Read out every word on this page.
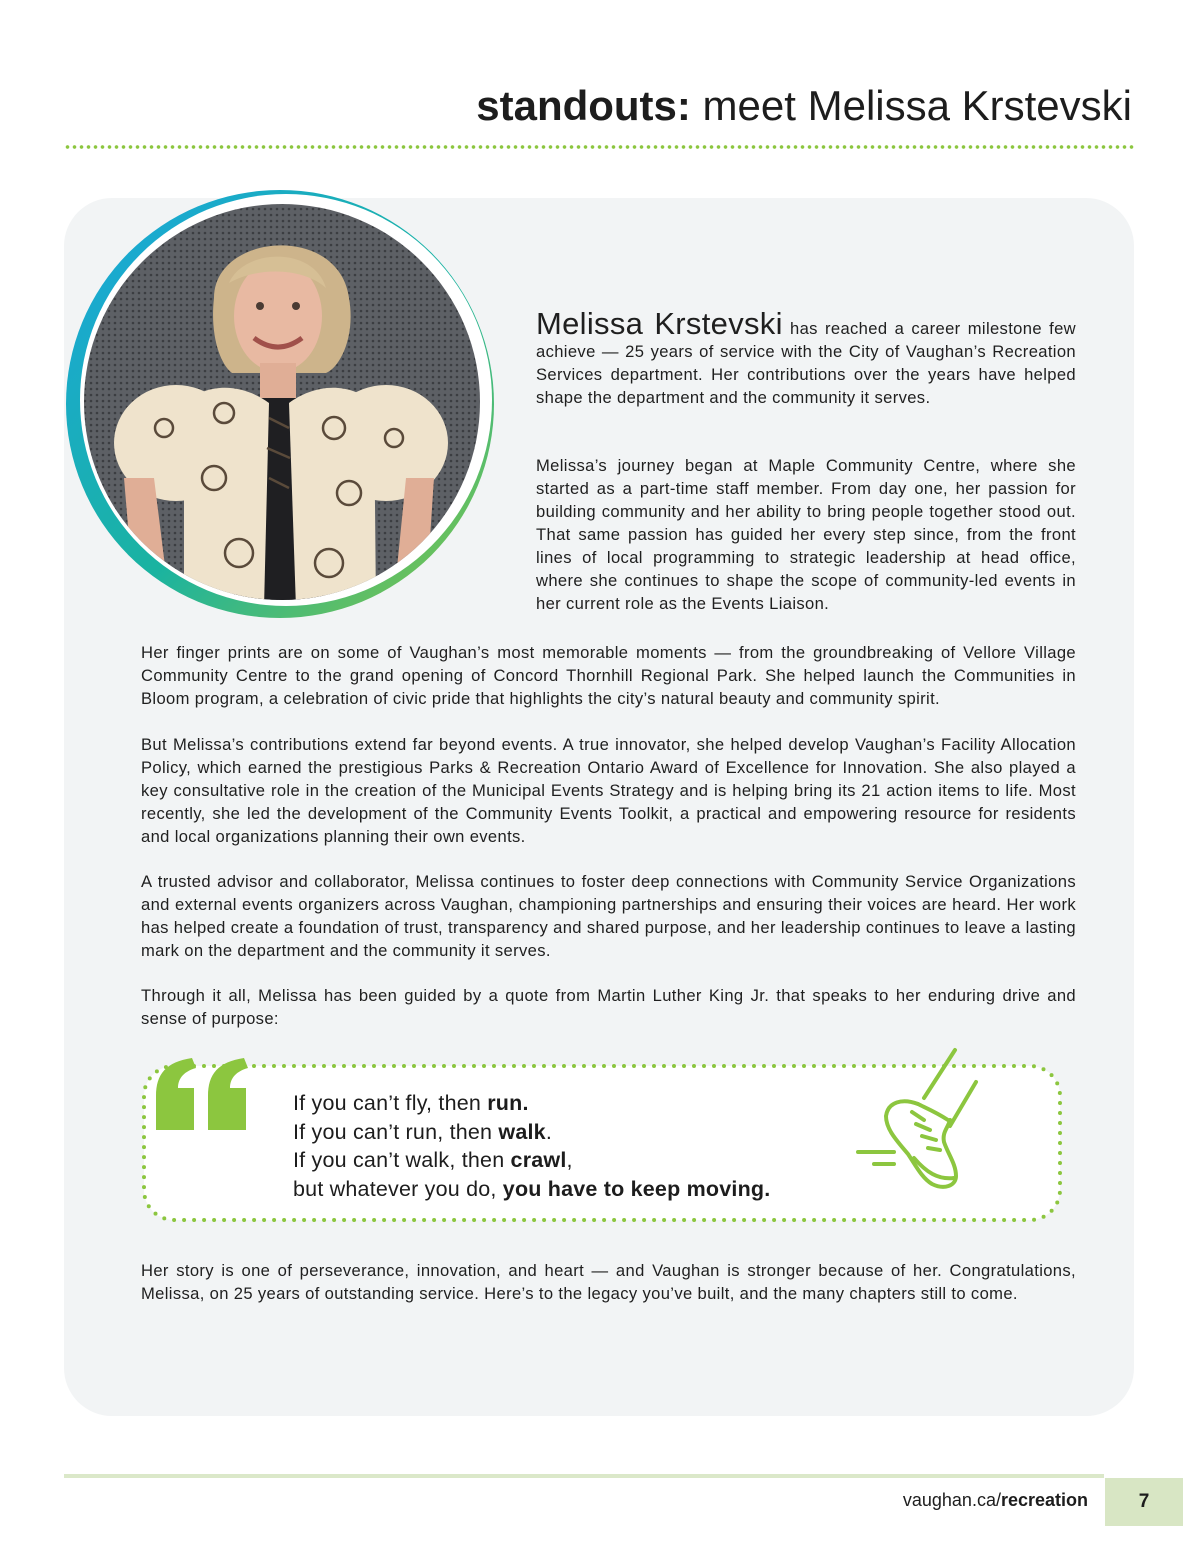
standouts: meet Melissa Krstevski

Melissa Krstevski has reached a career milestone few achieve — 25 years of service with the City of Vaughan’s Recreation Services department. Her contributions over the years have helped shape the department and the community it serves.

Melissa’s journey began at Maple Community Centre, where she started as a part-time staff member. From day one, her passion for building community and her ability to bring people together stood out. That same passion has guided her every step since, from the front lines of local programming to strategic leadership at head office, where she continues to shape the scope of community-led events in her current role as the Events Liaison.

Her finger prints are on some of Vaughan’s most memorable moments — from the groundbreaking of Vellore Village Community Centre to the grand opening of Concord Thornhill Regional Park. She helped launch the Communities in Bloom program, a celebration of civic pride that highlights the city’s natural beauty and community spirit.

But Melissa’s contributions extend far beyond events. A true innovator, she helped develop Vaughan’s Facility Allocation Policy, which earned the prestigious Parks & Recreation Ontario Award of Excellence for Innovation. She also played a key consultative role in the creation of the Municipal Events Strategy and is helping bring its 21 action items to life. Most recently, she led the development of the Community Events Toolkit, a practical and empowering resource for residents and local organizations planning their own events.

A trusted advisor and collaborator, Melissa continues to foster deep connections with Community Service Organizations and external events organizers across Vaughan, championing partnerships and ensuring their voices are heard. Her work has helped create a foundation of trust, transparency and shared purpose, and her leadership continues to leave a lasting mark on the department and the community it serves.

Through it all, Melissa has been guided by a quote from Martin Luther King Jr. that speaks to her enduring drive and sense of purpose:

If you can’t fly, then run.
If you can’t run, then walk.
If you can’t walk, then crawl,
but whatever you do, you have to keep moving.

Her story is one of perseverance, innovation, and heart — and Vaughan is stronger because of her. Congratulations, Melissa, on 25 years of outstanding service. Here’s to the legacy you’ve built, and the many chapters still to come.

vaughan.ca/recreation	7
